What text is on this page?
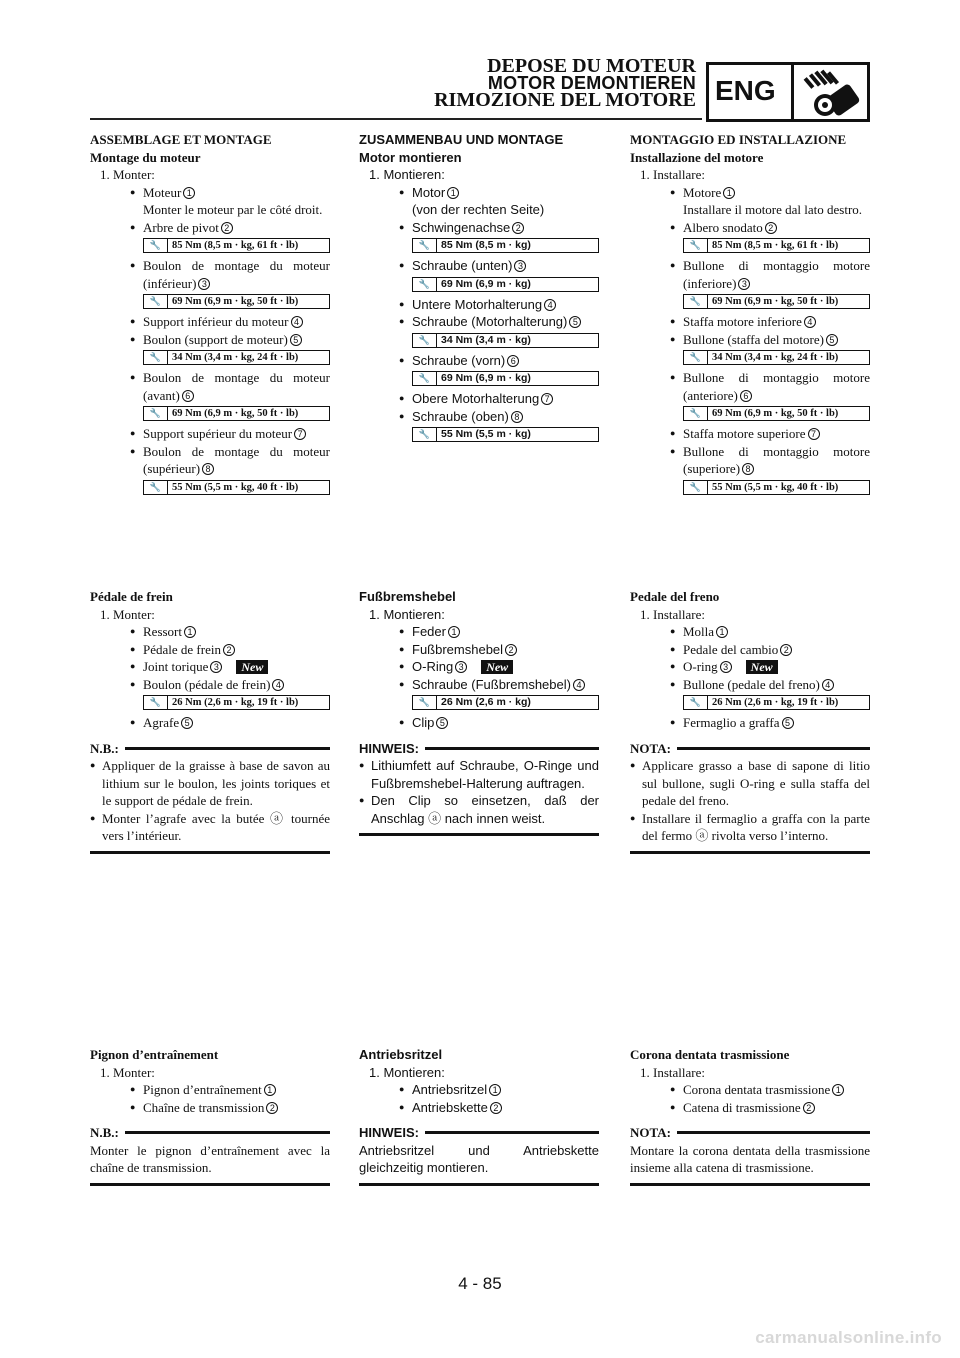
DEPOSE DU MOTEUR
MOTOR DEMONTIEREN
RIMOZIONE DEL MOTORE ENG
ASSEMBLAGE ET MONTAGE
Montage du moteur
1. Monter:
● Moteur 1
Monter le moteur par le côté droit.
● Arbre de pivot 2
🔧	85 Nm (8,5 m · kg, 61 ft · lb)
● Boulon de montage du moteur (inférieur) 3
🔧	69 Nm (6,9 m · kg, 50 ft · lb)
● Support inférieur du moteur 4
● Boulon (support de moteur) 5
🔧	34 Nm (3,4 m · kg, 24 ft · lb)
● Boulon de montage du moteur (avant) 6
🔧	69 Nm (6,9 m · kg, 50 ft · lb)
● Support supérieur du moteur 7
● Boulon de montage du moteur (supérieur) 8
🔧	55 Nm (5,5 m · kg, 40 ft · lb)
ZUSAMMENBAU UND MONTAGE
Motor montieren
1. Montieren:
● Motor 1
(von der rechten Seite)
● Schwingenachse 2
🔧	85 Nm (8,5 m · kg)
● Schraube (unten) 3
🔧	69 Nm (6,9 m · kg)
● Untere Motorhalterung 4
● Schraube (Motorhalterung) 5
🔧	34 Nm (3,4 m · kg)
● Schraube (vorn) 6
🔧	69 Nm (6,9 m · kg)
● Obere Motorhalterung 7
● Schraube (oben) 8
🔧	55 Nm (5,5 m · kg)
MONTAGGIO ED INSTALLAZIONE
Installazione del motore
1. Installare:
● Motore 1
Installare il motore dal lato destro.
● Albero snodato 2
🔧	85 Nm (8,5 m · kg, 61 ft · lb)
● Bullone di montaggio motore (inferiore) 3
🔧	69 Nm (6,9 m · kg, 50 ft · lb)
● Staffa motore inferiore 4
● Bullone (staffa del motore) 5
🔧	34 Nm (3,4 m · kg, 24 ft · lb)
● Bullone di montaggio motore (anteriore) 6
🔧	69 Nm (6,9 m · kg, 50 ft · lb)
● Staffa motore superiore 7
● Bullone di montaggio motore (superiore) 8
🔧	55 Nm (5,5 m · kg, 40 ft · lb)
Pédale de frein
1. Monter:
● Ressort 1
● Pédale de frein 2
● Joint torique 3 New
● Boulon (pédale de frein) 4
🔧	26 Nm (2,6 m · kg, 19 ft · lb)
● Agrafe 5
N.B.:
● Appliquer de la graisse à base de savon au lithium sur le boulon, les joints toriques et le support de pédale de frein.
● Monter l’agrafe avec la butée ⓐ tournée vers l’intérieur.
Fußbremshebel
1. Montieren:
● Feder 1
● Fußbremshebel 2
● O-Ring 3 New
● Schraube (Fußbremshebel) 4
🔧	26 Nm (2,6 m · kg)
● Clip 5
HINWEIS:
● Lithiumfett auf Schraube, O-Ringe und Fußbremshebel-Halterung auftragen.
● Den Clip so einsetzen, daß der Anschlag ⓐ nach innen weist.
Pedale del freno
1. Installare:
● Molla 1
● Pedale del cambio 2
● O-ring 3 New
● Bullone (pedale del freno) 4
🔧	26 Nm (2,6 m · kg, 19 ft · lb)
● Fermaglio a graffa 5
NOTA:
● Applicare grasso a base di sapone di litio sul bullone, sugli O-ring e sulla staffa del pedale del freno.
● Installare il fermaglio a graffa con la parte del fermo ⓐ rivolta verso l’interno.
Pignon d’entraînement
1. Monter:
● Pignon d’entraînement 1
● Chaîne de transmission 2
N.B.:
Monter le pignon d’entraînement avec la chaîne de transmission.
Antriebsritzel
1. Montieren:
● Antriebsritzel 1
● Antriebskette 2
HINWEIS:
Antriebsritzel und Antriebskette gleichzeitig montieren.
Corona dentata trasmissione
1. Installare:
● Corona dentata trasmissione 1
● Catena di trasmissione 2
NOTA:
Montare la corona dentata della trasmissione insieme alla catena di trasmissione.
4 - 85
carmanualsonline.info
